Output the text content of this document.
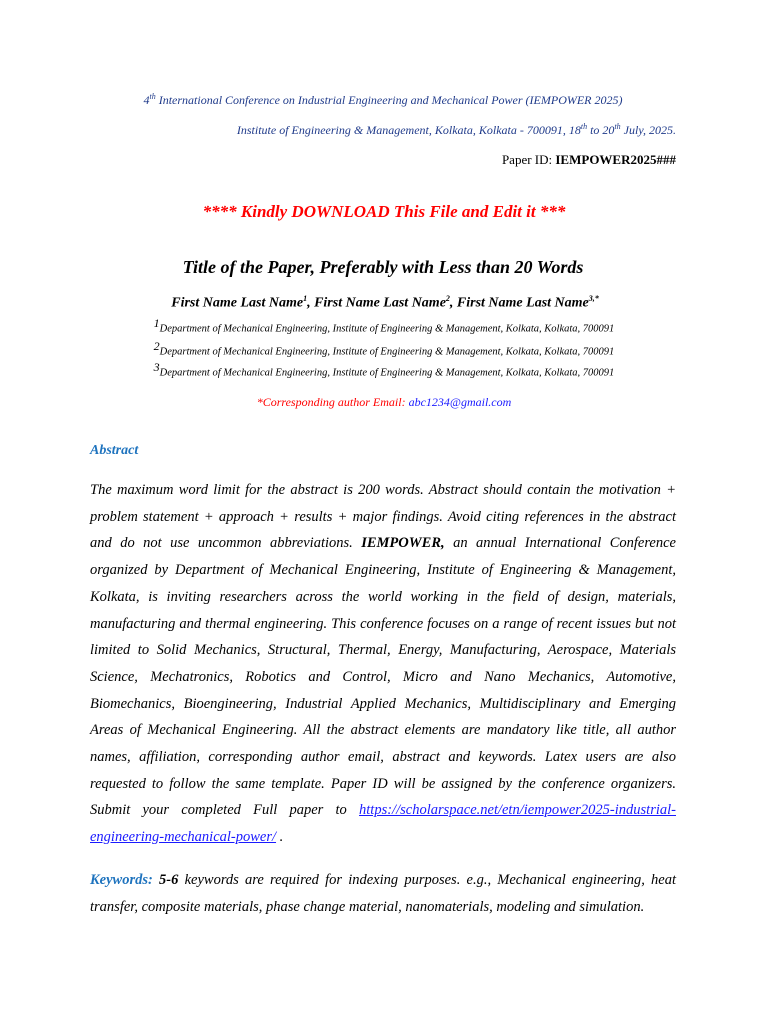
4th International Conference on Industrial Engineering and Mechanical Power (IEMPOWER 2025)
Institute of Engineering & Management, Kolkata, Kolkata - 700091, 18th to 20th July, 2025.
Paper ID: IEMPOWER2025###
**** Kindly DOWNLOAD This File and Edit it ***
Title of the Paper, Preferably with Less than 20 Words
First Name Last Name$^1$, First Name Last Name$^2$, First Name Last Name$^{3,*}$
$^1$Department of Mechanical Engineering, Institute of Engineering & Management, Kolkata, Kolkata, 700091
$^2$Department of Mechanical Engineering, Institute of Engineering & Management, Kolkata, Kolkata, 700091
$^3$Department of Mechanical Engineering, Institute of Engineering & Management, Kolkata, Kolkata, 700091
*Corresponding author Email: abc1234@gmail.com
Abstract
The maximum word limit for the abstract is 200 words. Abstract should contain the motivation + problem statement + approach + results + major findings. Avoid citing references in the abstract and do not use uncommon abbreviations. IEMPOWER, an annual International Conference organized by Department of Mechanical Engineering, Institute of Engineering & Management, Kolkata, is inviting researchers across the world working in the field of design, materials, manufacturing and thermal engineering. This conference focuses on a range of recent issues but not limited to Solid Mechanics, Structural, Thermal, Energy, Manufacturing, Aerospace, Materials Science, Mechatronics, Robotics and Control, Micro and Nano Mechanics, Automotive, Biomechanics, Bioengineering, Industrial Applied Mechanics, Multidisciplinary and Emerging Areas of Mechanical Engineering. All the abstract elements are mandatory like title, all author names, affiliation, corresponding author email, abstract and keywords. Latex users are also requested to follow the same template. Paper ID will be assigned by the conference organizers. Submit your completed Full paper to https://scholarspace.net/etn/iempower2025-industrial-engineering-mechanical-power/ .
Keywords: 5-6 keywords are required for indexing purposes. e.g., Mechanical engineering, heat transfer, composite materials, phase change material, nanomaterials, modeling and simulation.
